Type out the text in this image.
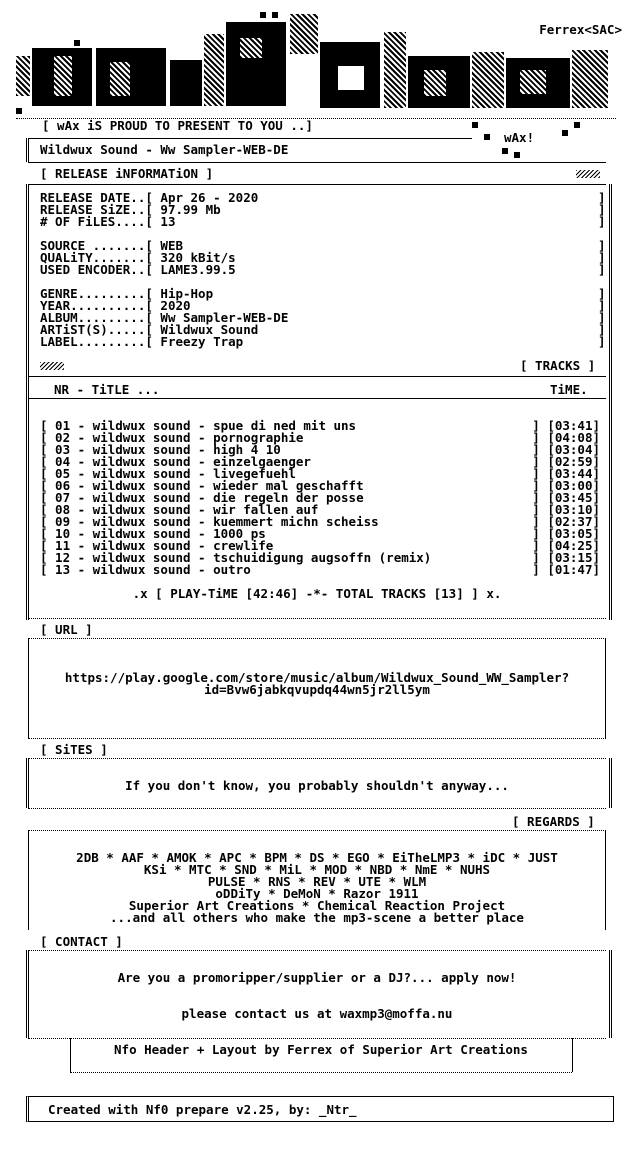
Ferrex<SAC>
[ wAx iS PROUD TO PRESENT TO YOU ..]
wAx!
Wildwux Sound - Ww Sampler-WEB-DE
[ RELEASE iNFORMATiON ]
RELEASE DATE..[ Apr 26 - 2020
RELEASE SiZE..[ 97.99 Mb
# OF FiLES....[ 13
SOURCE .......[ WEB
QUALiTY.......[ 320 kBit/s
USED ENCODER..[ LAME3.99.5
GENRE.........[ Hip-Hop
YEAR..........[ 2020
ALBUM.........[ Ww Sampler-WEB-DE
ARTiST(S).....[ Wildwux Sound
LABEL.........[ Freezy Trap
]
]
]

]
]
]

]
]
]
]
]
[ TRACKS ]
NR - TiTLE ...	TiME.
[ 01 - wildwux sound - spue di ned mit uns	] [03:41]
[ 02 - wildwux sound - pornographie	] [04:08]
[ 03 - wildwux sound - high 4 10	] [03:04]
[ 04 - wildwux sound - einzelgaenger	] [02:59]
[ 05 - wildwux sound - livegefuehl	] [03:44]
[ 06 - wildwux sound - wieder mal geschafft	] [03:00]
[ 07 - wildwux sound - die regeln der posse	] [03:45]
[ 08 - wildwux sound - wir fallen auf	] [03:10]
[ 09 - wildwux sound - kuemmert michn scheiss	] [02:37]
[ 10 - wildwux sound - 1000 ps	] [03:05]
[ 11 - wildwux sound - crewlife	] [04:25]
[ 12 - wildwux sound - tschuidigung augsoffn (remix)	] [03:15]
[ 13 - wildwux sound - outro	] [01:47]
.x [ PLAY-TiME [42:46] -*- TOTAL TRACKS [13] ] x.
[ URL ]
https://play.google.com/store/music/album/Wildwux_Sound_WW_Sampler?
id=Bvw6jabkqvupdq44wn5jr2ll5ym
[ SiTES ]
If you don't know, you probably shouldn't anyway...
[ REGARDS ]
2DB * AAF * AMOK * APC * BPM * DS * EGO * EiTheLMP3 * iDC * JUST
KSi * MTC * SND * MiL * MOD * NBD * NmE * NUHS
PULSE * RNS * REV * UTE * WLM
oDDiTy * DeMoN * Razor 1911
Superior Art Creations * Chemical Reaction Project
...and all others who make the mp3-scene a better place
[ CONTACT ]
Are you a promoripper/supplier or a DJ?... apply now!
please contact us at waxmp3@moffa.nu
Nfo Header + Layout by Ferrex of Superior Art Creations
Created with Nf0 prepare v2.25, by: _Ntr_
